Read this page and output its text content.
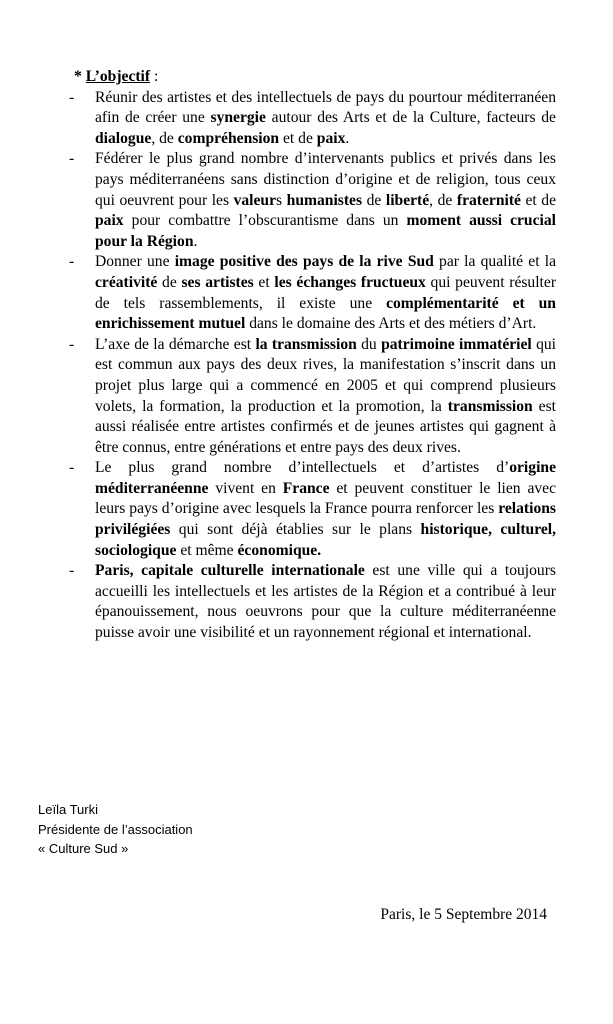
* L’objectif :

- Réunir des artistes et des intellectuels de pays du pourtour méditerranéen afin de créer une synergie autour des Arts et de la Culture, facteurs de dialogue, de compréhension et de paix.
- Fédérer le plus grand nombre d’intervenants publics et privés dans les pays méditerranéens sans distinction d’origine et de religion, tous ceux qui oeuvrent pour les valeurs humanistes de liberté, de fraternité et de paix pour combattre l’obscurantisme dans un moment aussi crucial pour la Région.
- Donner une image positive des pays de la rive Sud par la qualité et la créativité de ses artistes et les échanges fructueux qui peuvent résulter de tels rassemblements, il existe une complémentarité et un enrichissement mutuel dans le domaine des Arts et des métiers d’Art.
- L’axe de la démarche est la transmission du patrimoine immatériel qui est commun aux pays des deux rives, la manifestation s’inscrit dans un projet plus large qui a commencé en 2005 et qui comprend plusieurs volets, la formation, la production et la promotion, la transmission est aussi réalisée entre artistes confirmés et de jeunes artistes qui gagnent à être connus, entre générations et entre pays des deux rives.
- Le plus grand nombre d’intellectuels et d’artistes d’origine méditerranéenne vivent en France et peuvent constituer le lien avec leurs pays d’origine avec lesquels la France pourra renforcer les relations privilégiées qui sont déjà établies sur le plans historique, culturel, sociologique et même économique.
- Paris, capitale culturelle internationale est une ville qui a toujours accueilli les intellectuels et les artistes de la Région et a contribué à leur épanouissement, nous oeuvrons pour que la culture méditerranéenne puisse avoir une visibilité et un rayonnement régional et international.
Leïla Turki
Présidente de l’association
« Culture Sud »
Paris, le 5 Septembre 2014
